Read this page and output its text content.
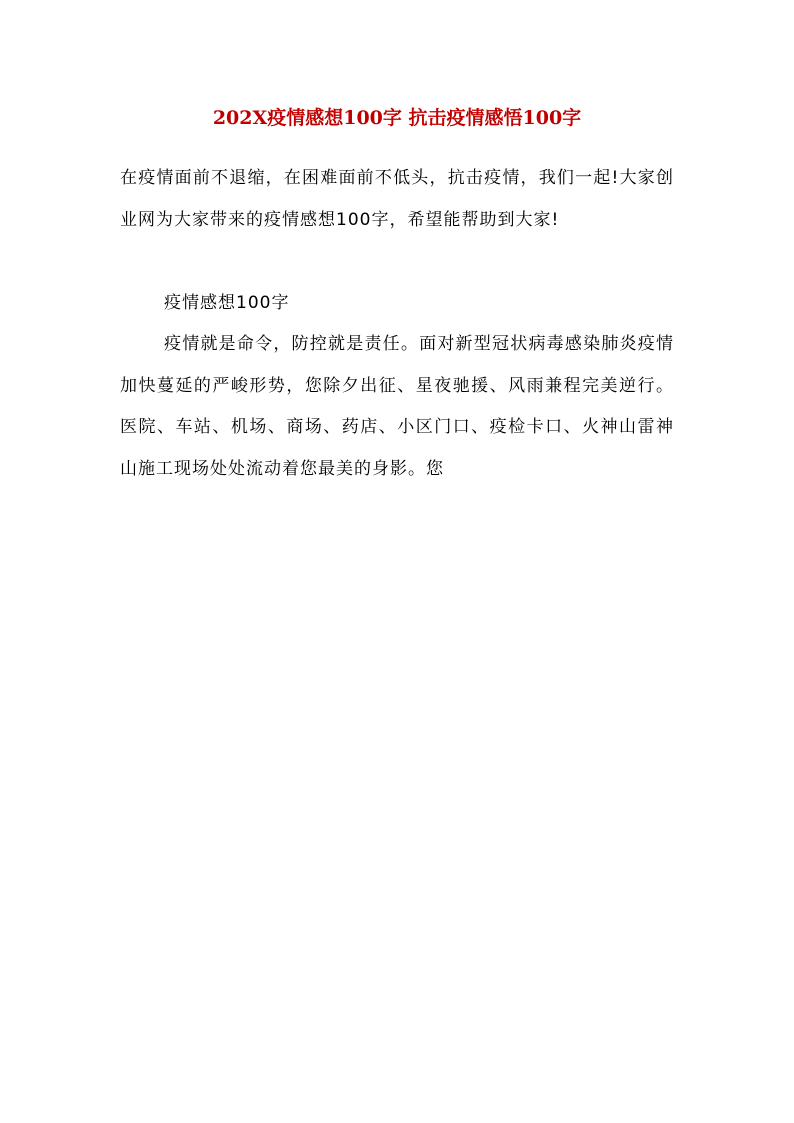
202X疫情感想100字 抗击疫情感悟100字
在疫情面前不退缩，在困难面前不低头，抗击疫情，我们一起!大家创业网为大家带来的疫情感想100字，希望能帮助到大家!
疫情感想100字
疫情就是命令，防控就是责任。面对新型冠状病毒感染肺炎疫情加快蔓延的严峻形势，您除夕出征、星夜驰援、风雨兼程完美逆行。医院、车站、机场、商场、药店、小区门口、疫检卡口、火神山雷神山施工现场处处流动着您最美的身影。您
